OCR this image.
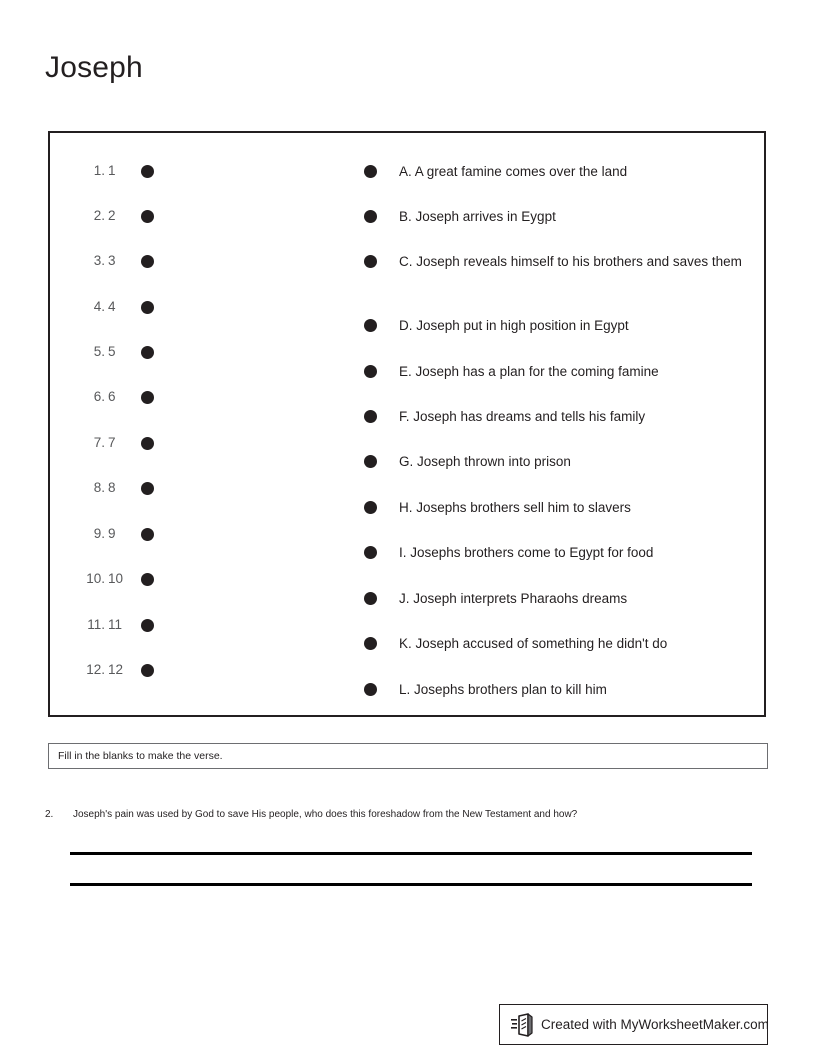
Joseph
1. 1
2. 2
3. 3
4. 4
5. 5
6. 6
7. 7
8. 8
9. 9
10. 10
11. 11
12. 12
A. A great famine comes over the land
B. Joseph arrives in Eygpt
C. Joseph reveals himself to his brothers and saves them
D. Joseph put in high position in Egypt
E. Joseph has a plan for the coming famine
F. Joseph has dreams and tells his family
G. Joseph thrown into prison
H. Josephs brothers sell him to slavers
I. Josephs brothers come to Egypt for food
J. Joseph interprets Pharaohs dreams
K. Joseph accused of something he didn't do
L. Josephs brothers plan to kill him
Fill in the blanks to make the verse.
2.	Joseph's pain was used by God to save His people, who does this foreshadow from the New Testament and how?
Created with MyWorksheetMaker.com
